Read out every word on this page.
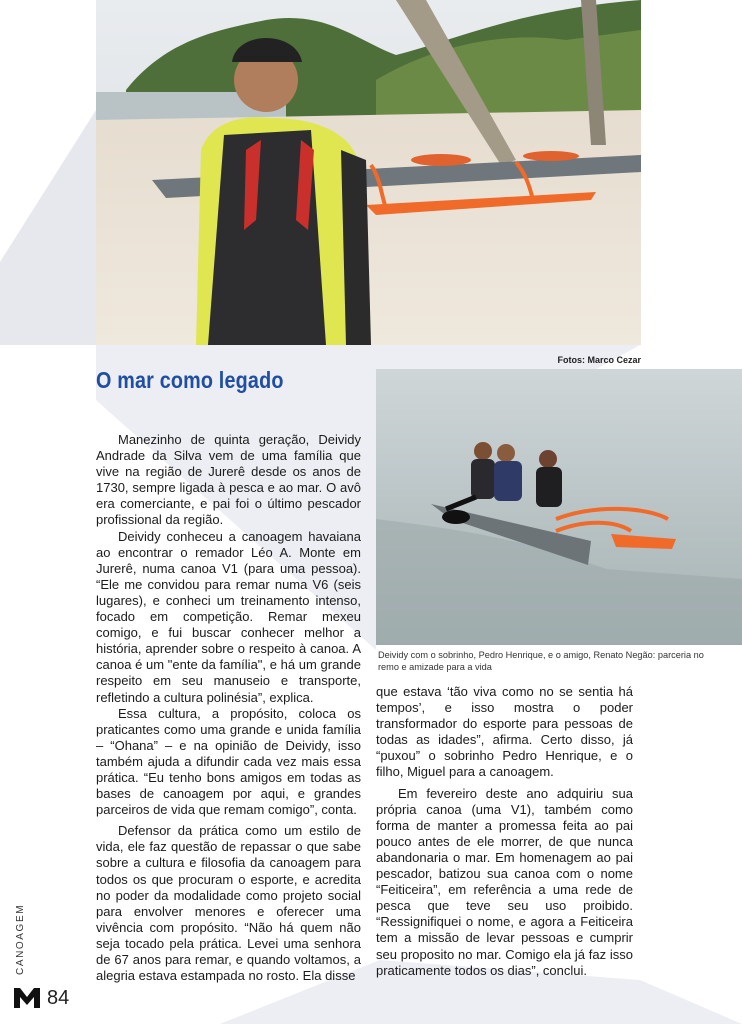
Fotos: Marco Cezar
O mar como legado
Deividy com o sobrinho, Pedro Henrique, e o amigo, Renato Negão: parceria no remo e amizade para a vida

Manezinho de quinta geração, Deividy Andrade da Silva vem de uma família que vive na região de Jurerê desde os anos de 1730, sempre ligada à pesca e ao mar. O avô era comerciante, e pai foi o último pescador profissional da região.

Deividy conheceu a canoagem havaiana ao encontrar o remador Léo A. Monte em Jurerê, numa canoa V1 (para uma pessoa). “Ele me convidou para remar numa V6 (seis lugares), e conheci um treinamento intenso, focado em competição. Remar mexeu comigo, e fui buscar conhecer melhor a história, aprender sobre o respeito à canoa. A canoa é um "ente da família", e há um grande respeito em seu manuseio e transporte, refletindo a cultura polinésia”, explica.

Essa cultura, a propósito, coloca os praticantes como uma grande e unida família – “Ohana” – e na opinião de Deividy, isso também ajuda a difundir cada vez mais essa prática. “Eu tenho bons amigos em todas as bases de canoagem por aqui, e grandes parceiros de vida que remam comigo”, conta.

Defensor da prática como um estilo de vida, ele faz questão de repassar o que sabe sobre a cultura e filosofia da canoagem para todos os que procuram o esporte, e acredita no poder da modalidade como projeto social para envolver menores e oferecer uma vivência com propósito. “Não há quem não seja tocado pela prática. Levei uma senhora de 67 anos para remar, e quando voltamos, a alegria estava estampada no rosto. Ela disse

que estava ‘tão viva como no se sentia há tempos’, e isso mostra o poder transformador do esporte para pessoas de todas as idades”, afirma. Certo disso, já “puxou” o sobrinho Pedro Henrique, e o filho, Miguel para a canoagem.

Em fevereiro deste ano adquiriu sua própria canoa (uma V1), também como forma de manter a promessa feita ao pai pouco antes de ele morrer, de que nunca abandonaria o mar. Em homenagem ao pai pescador, batizou sua canoa com o nome “Feiticeira”, em referência a uma rede de pesca que teve seu uso proibido. “Ressignifiquei o nome, e agora a Feiticeira tem a missão de levar pessoas e cumprir seu proposito no mar. Comigo ela já faz isso praticamente todos os dias”, conclui.

CANOAGEM
84
